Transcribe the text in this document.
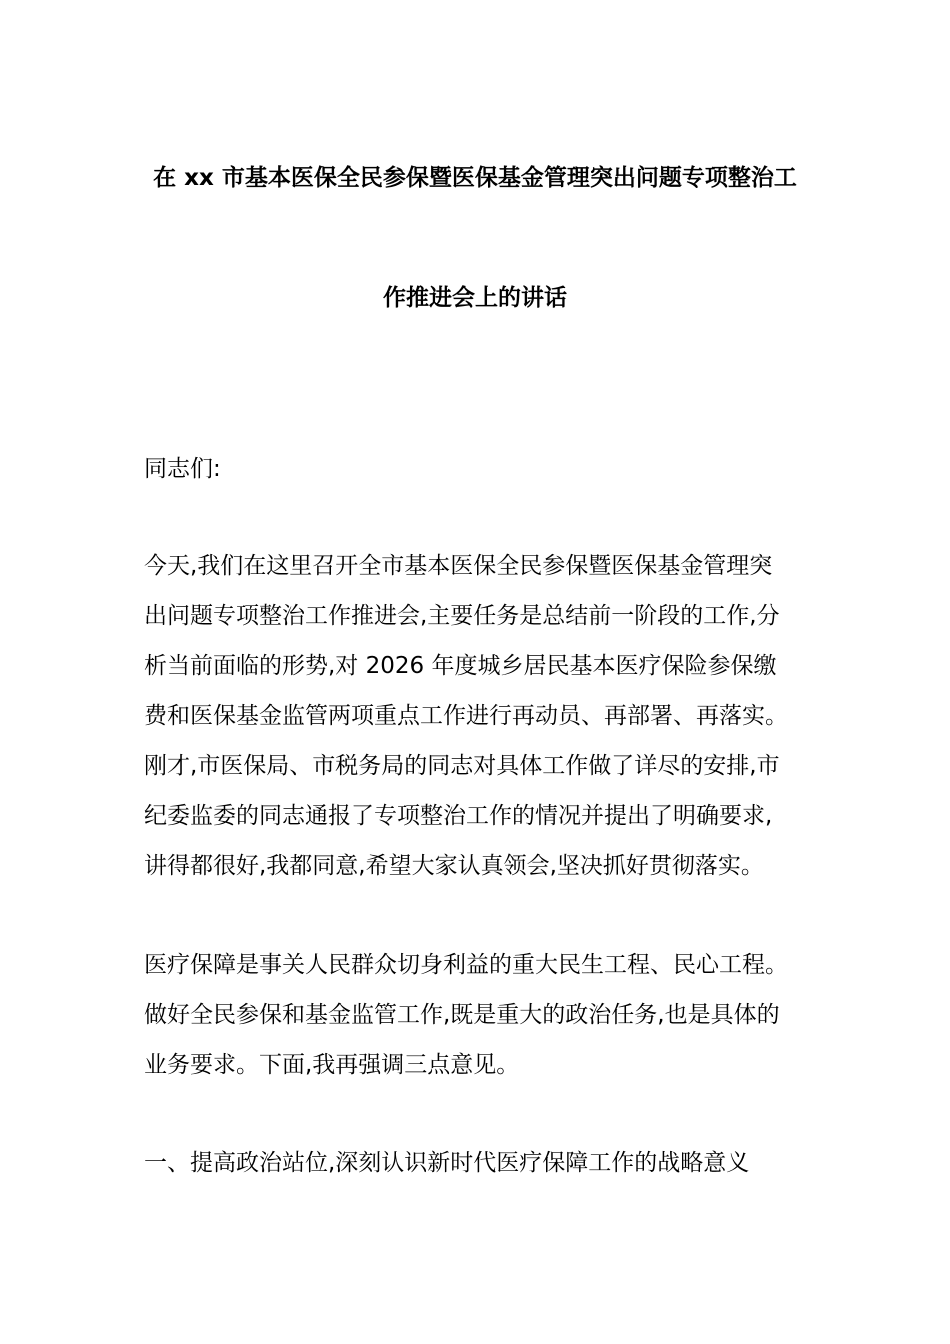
在 xx 市基本医保全民参保暨医保基金管理突出问题专项整治工
作推进会上的讲话
同志们:
今天,我们在这里召开全市基本医保全民参保暨医保基金管理突
出问题专项整治工作推进会,主要任务是总结前一阶段的工作,分
析当前面临的形势,对 2026 年度城乡居民基本医疗保险参保缴
费和医保基金监管两项重点工作进行再动员、再部署、再落实。
刚才,市医保局、市税务局的同志对具体工作做了详尽的安排,市
纪委监委的同志通报了专项整治工作的情况并提出了明确要求,
讲得都很好,我都同意,希望大家认真领会,坚决抓好贯彻落实。
医疗保障是事关人民群众切身利益的重大民生工程、民心工程。
做好全民参保和基金监管工作,既是重大的政治任务,也是具体的
业务要求。下面,我再强调三点意见。
一、提高政治站位,深刻认识新时代医疗保障工作的战略意义
